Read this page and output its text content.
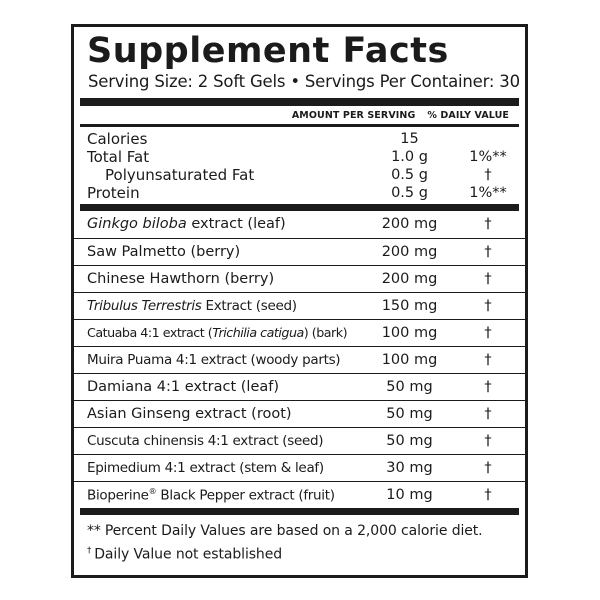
Supplement Facts
Serving Size: 2 Soft Gels • Servings Per Container: 30
AMOUNT PER SERVING % DAILY VALUE
Calories	15
Total Fat	1.0 g	1%**
Polyunsaturated Fat	0.5 g	†
Protein	0.5 g	1%**
Ginkgo biloba extract (leaf)	200 mg	†
Saw Palmetto (berry)	200 mg	†
Chinese Hawthorn (berry)	200 mg	†
Tribulus Terrestris Extract (seed)	150 mg	†
Catuaba 4:1 extract (Trichilia catigua) (bark)	100 mg	†
Muira Puama 4:1 extract (woody parts)	100 mg	†
Damiana 4:1 extract (leaf)	50 mg	†
Asian Ginseng extract (root)	50 mg	†
Cuscuta chinensis 4:1 extract (seed)	50 mg	†
Epimedium 4:1 extract (stem & leaf)	30 mg	†
Bioperine® Black Pepper extract (fruit)	10 mg	†
** Percent Daily Values are based on a 2,000 calorie diet.
† Daily Value not established
